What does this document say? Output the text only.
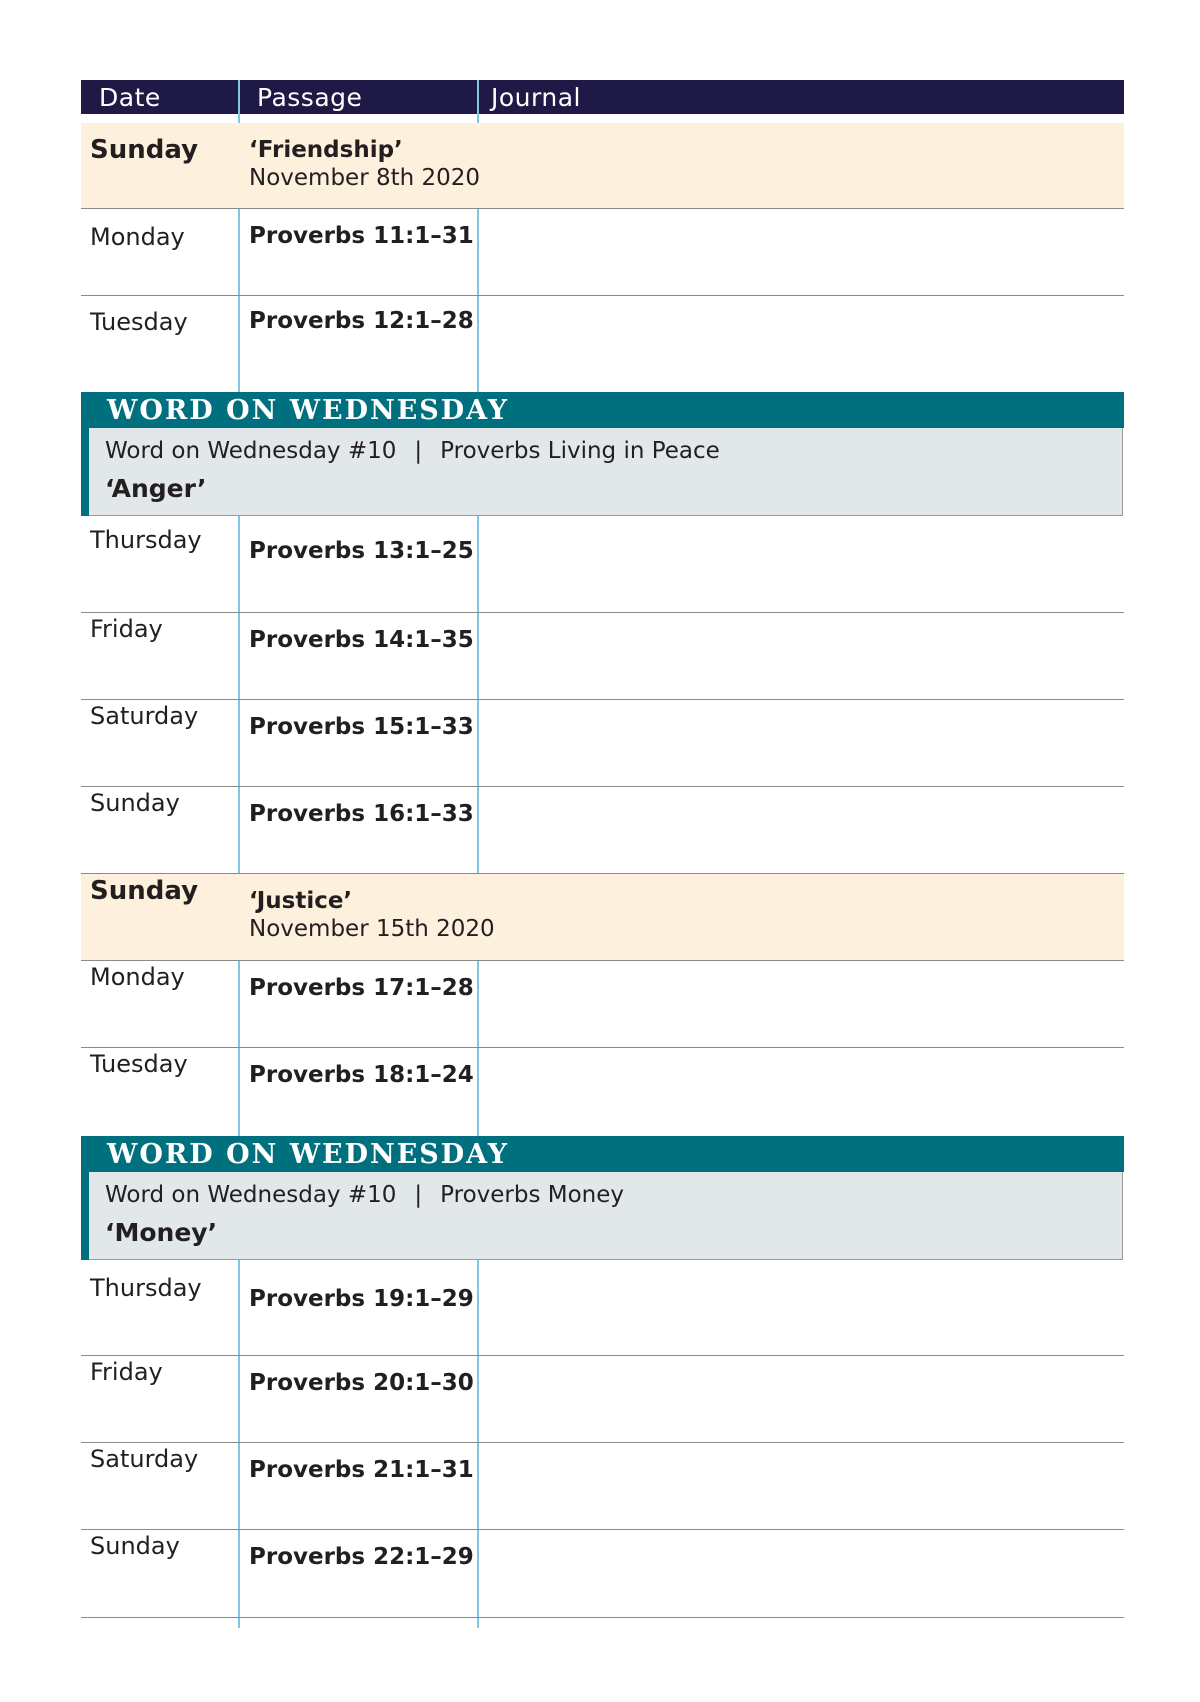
Date	Passage	Journal
Sunday ‘Friendship’
November 8th 2020
Monday	Proverbs 11:1–31
Tuesday	Proverbs 12:1–28
WORD ON WEDNESDAY
Word on Wednesday #10 | Proverbs Living in Peace
‘Anger’
Thursday Proverbs 13:1–25
Friday	Proverbs 14:1–35
Saturday Proverbs 15:1–33
Sunday	Proverbs 16:1–33
Sunday ‘Justice’
November 15th 2020
Monday	Proverbs 17:1–28
Tuesday	Proverbs 18:1–24
WORD ON WEDNESDAY
Word on Wednesday #10 | Proverbs Money
‘Money’
Thursday Proverbs 19:1–29
Friday	Proverbs 20:1–30
Saturday Proverbs 21:1–31
Sunday	Proverbs 22:1–29
